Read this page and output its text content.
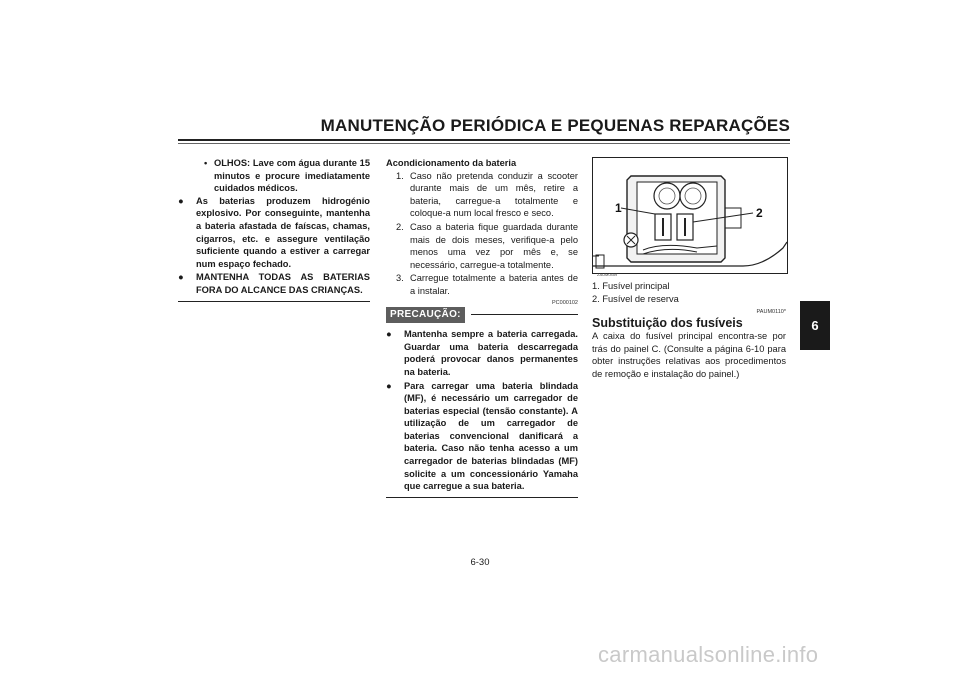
MANUTENÇÃO PERIÓDICA E PEQUENAS REPARAÇÕES
6
• OLHOS: Lave com água durante 15 minutos e procure imediatamente cuidados médicos.
● As baterias produzem hidrogénio explosivo. Por conseguinte, mantenha a bateria afastada de faíscas, chamas, cigarros, etc. e assegure ventilação suficiente quando a estiver a carregar num espaço fechado.
● MANTENHA TODAS AS BATERIAS FORA DO ALCANCE DAS CRIANÇAS.
Acondicionamento da bateria
1. Caso não pretenda conduzir a scooter durante mais de um mês, retire a bateria, carregue-a totalmente e coloque-a num local fresco e seco.
2. Caso a bateria fique guardada durante mais de dois meses, verifique-a pelo menos uma vez por mês e, se necessário, carregue-a totalmente.
3. Carregue totalmente a bateria antes de a instalar.
PC000102
PRECAUÇÃO:
● Mantenha sempre a bateria carregada. Guardar uma bateria descarregada poderá provocar danos permanentes na bateria.
● Para carregar uma bateria blindada (MF), é necessário um carregador de baterias especial (tensão constante). A utilização de um carregador de baterias convencional danificará a bateria. Caso não tenha acesso a um carregador de baterias blindadas (MF) solicite a um concessionário Yamaha que carregue a sua bateria.
1	2
ZAUM0459
1. Fusível principal
2. Fusível de reserva
PAUM0110*
Substituição dos fusíveis
A caixa do fusível principal encontra-se por trás do painel C. (Consulte a página 6-10 para obter instruções relativas aos procedimentos de remoção e instalação do painel.)
6-30
carmanualsonline.info
